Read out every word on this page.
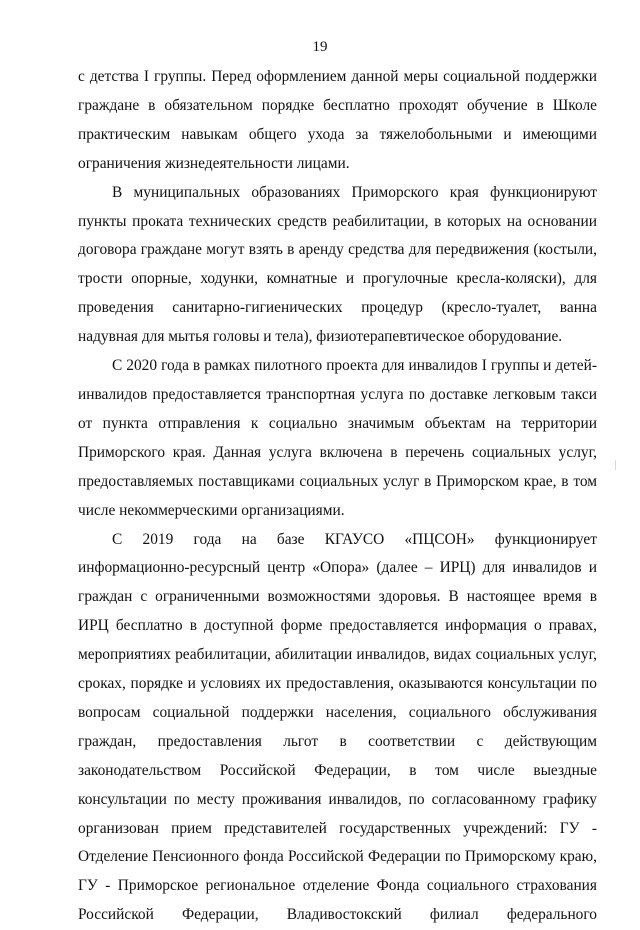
19

с детства I группы. Перед оформлением данной меры социальной поддержки граждане в обязательном порядке бесплатно проходят обучение в Школе практическим навыкам общего ухода за тяжелобольными и имеющими ограничения жизнедеятельности лицами.

В муниципальных образованиях Приморского края функционируют пункты проката технических средств реабилитации, в которых на основании договора граждане могут взять в аренду средства для передвижения (костыли, трости опорные, ходунки, комнатные и прогулочные кресла-коляски), для проведения санитарно-гигиенических процедур (кресло-туалет, ванна надувная для мытья головы и тела), физиотерапевтическое оборудование.

С 2020 года в рамках пилотного проекта для инвалидов I группы и детей-инвалидов предоставляется транспортная услуга по доставке легковым такси от пункта отправления к социально значимым объектам на территории Приморского края. Данная услуга включена в перечень социальных услуг, предоставляемых поставщиками социальных услуг в Приморском крае, в том числе некоммерческими организациями.

С 2019 года на базе КГАУСО «ПЦСОН» функционирует информационно-ресурсный центр «Опора» (далее – ИРЦ) для инвалидов и граждан с ограниченными возможностями здоровья. В настоящее время в ИРЦ бесплатно в доступной форме предоставляется информация о правах, мероприятиях реабилитации, абилитации инвалидов, видах социальных услуг, сроках, порядке и условиях их предоставления, оказываются консультации по вопросам социальной поддержки населения, социального обслуживания граждан, предоставления льгот в соответствии с действующим законодательством Российской Федерации, в том числе выездные консультации по месту проживания инвалидов, по согласованному графику организован прием представителей государственных учреждений: ГУ - Отделение Пенсионного фонда Российской Федерации по Приморскому краю, ГУ - Приморское региональное отделение Фонда социального страхования Российской Федерации, Владивостокский филиал федерального
